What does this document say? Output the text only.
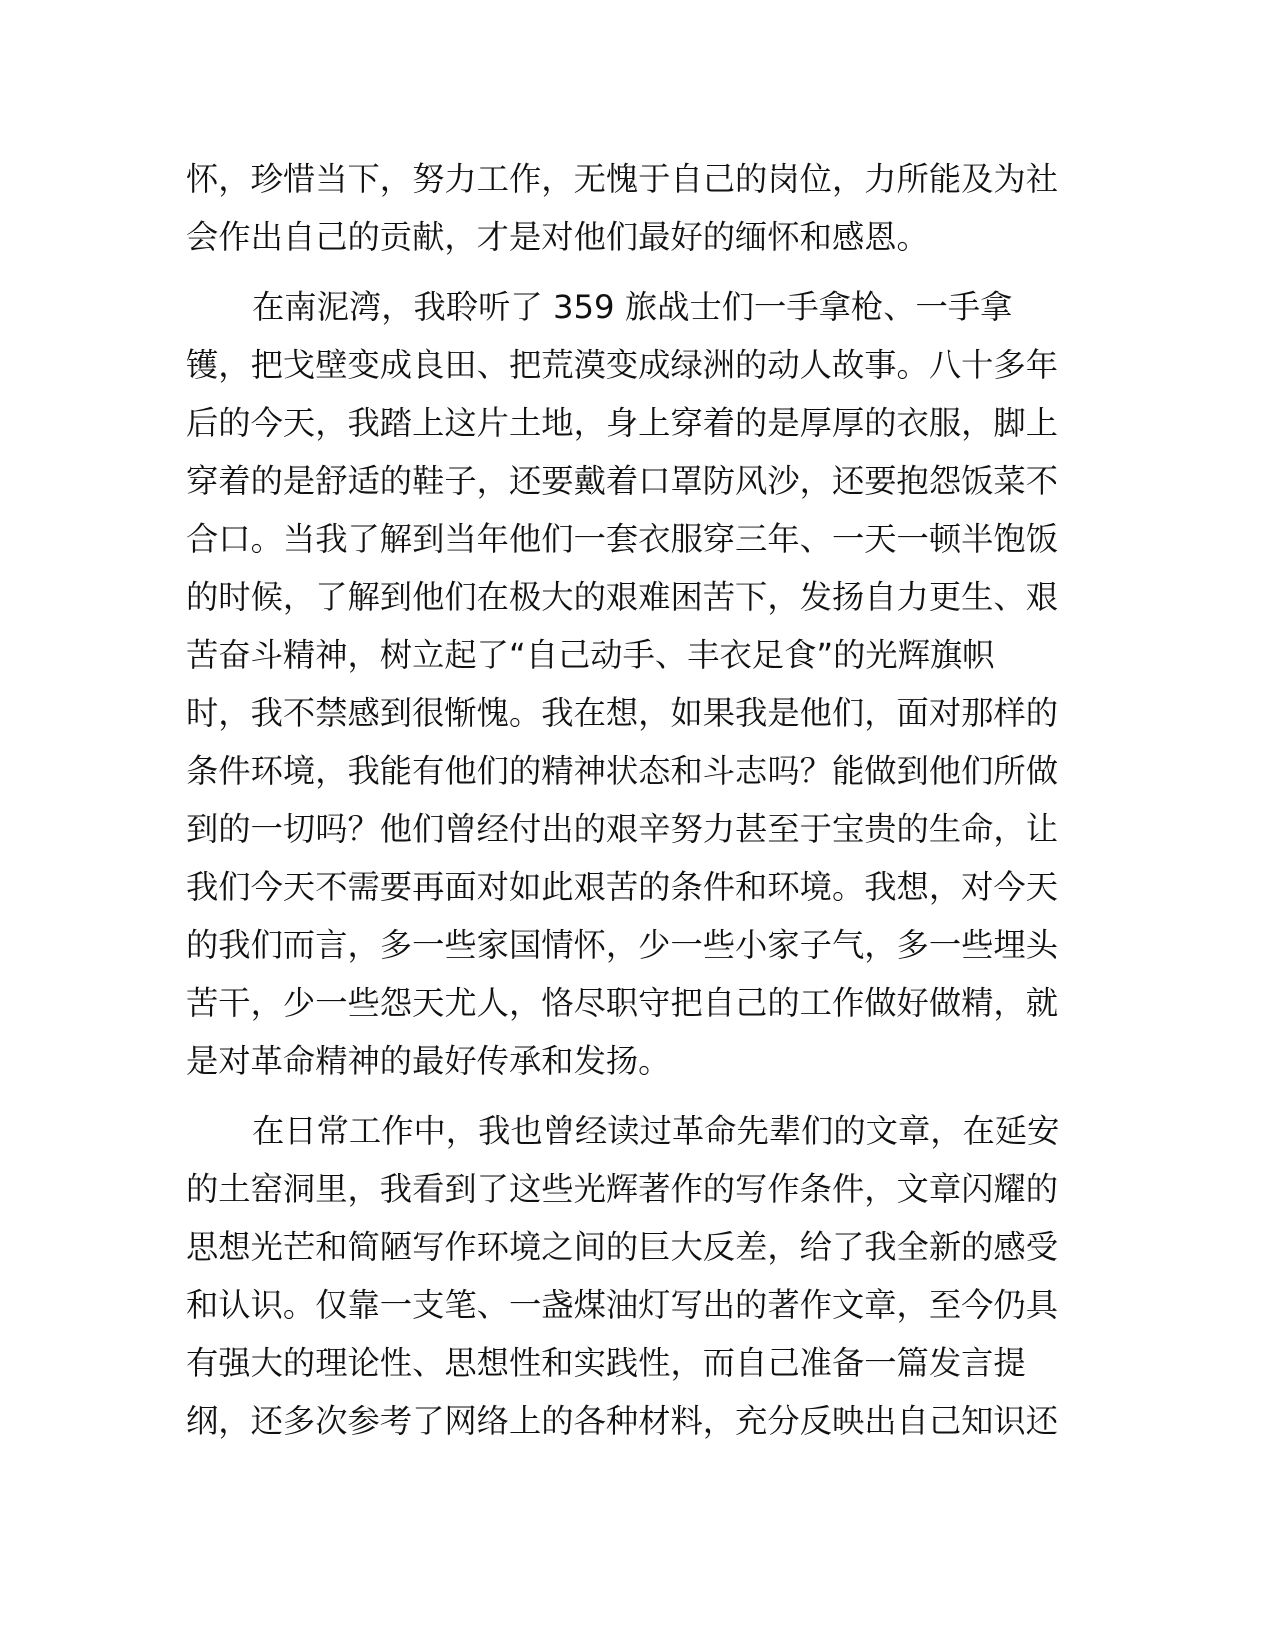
怀，珍惜当下，努力工作，无愧于自己的岗位，力所能及为社
会作出自己的贡献，才是对他们最好的缅怀和感恩。
在南泥湾，我聆听了 359 旅战士们一手拿枪、一手拿
镬，把戈壁变成良田、把荒漠变成绿洲的动人故事。八十多年
后的今天，我踏上这片土地，身上穿着的是厚厚的衣服，脚上
穿着的是舒适的鞋子，还要戴着口罩防风沙，还要抱怨饭菜不
合口。当我了解到当年他们一套衣服穿三年、一天一顿半饱饭
的时候，了解到他们在极大的艰难困苦下，发扬自力更生、艰
苦奋斗精神，树立起了“自己动手、丰衣足食”的光辉旗帜
时，我不禁感到很惭愧。我在想，如果我是他们，面对那样的
条件环境，我能有他们的精神状态和斗志吗？能做到他们所做
到的一切吗？他们曾经付出的艰辛努力甚至于宝贵的生命，让
我们今天不需要再面对如此艰苦的条件和环境。我想，对今天
的我们而言，多一些家国情怀，少一些小家子气，多一些埋头
苦干，少一些怨天尤人，恪尽职守把自己的工作做好做精，就
是对革命精神的最好传承和发扬。
在日常工作中，我也曾经读过革命先辈们的文章，在延安
的土窑洞里，我看到了这些光辉著作的写作条件，文章闪耀的
思想光芒和简陋写作环境之间的巨大反差，给了我全新的感受
和认识。仅靠一支笔、一盏煤油灯写出的著作文章，至今仍具
有强大的理论性、思想性和实践性，而自己准备一篇发言提
纲，还多次参考了网络上的各种材料，充分反映出自己知识还
